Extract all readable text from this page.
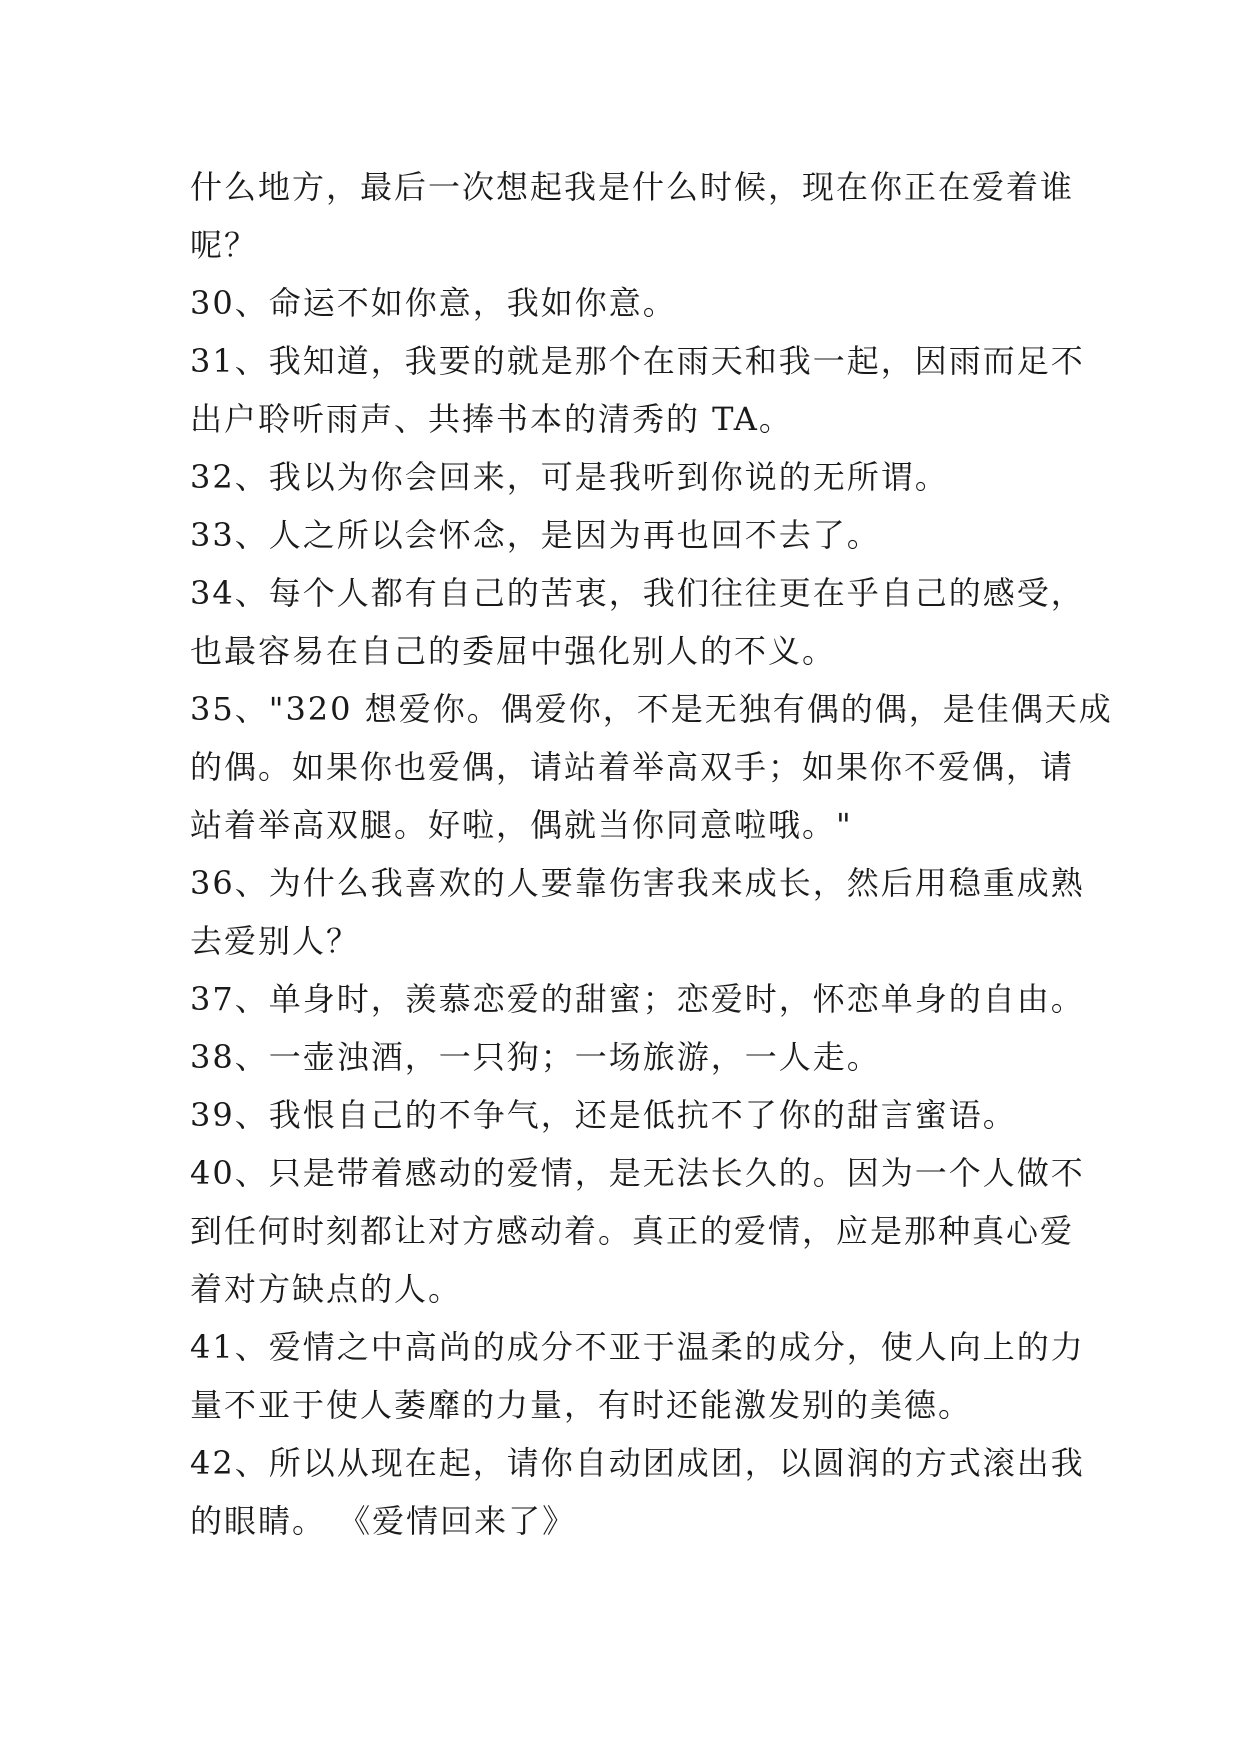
什么地方，最后一次想起我是什么时候，现在你正在爱着谁
呢？
30、命运不如你意，我如你意。
31、我知道，我要的就是那个在雨天和我一起，因雨而足不
出户聆听雨声、共捧书本的清秀的 TA。
32、我以为你会回来，可是我听到你说的无所谓。
33、人之所以会怀念，是因为再也回不去了。
34、每个人都有自己的苦衷，我们往往更在乎自己的感受，
也最容易在自己的委屈中强化别人的不义。
35、"320 想爱你。偶爱你，不是无独有偶的偶，是佳偶天成
的偶。如果你也爱偶，请站着举高双手；如果你不爱偶，请
站着举高双腿。好啦，偶就当你同意啦哦。"
36、为什么我喜欢的人要靠伤害我来成长，然后用稳重成熟
去爱别人？
37、单身时，羡慕恋爱的甜蜜；恋爱时，怀恋单身的自由。
38、一壶浊酒，一只狗；一场旅游，一人走。
39、我恨自己的不争气，还是低抗不了你的甜言蜜语。
40、只是带着感动的爱情，是无法长久的。因为一个人做不
到任何时刻都让对方感动着。真正的爱情，应是那种真心爱
着对方缺点的人。
41、爱情之中高尚的成分不亚于温柔的成分，使人向上的力
量不亚于使人萎靡的力量，有时还能激发别的美德。
42、所以从现在起，请你自动团成团，以圆润的方式滚出我
的眼睛。 《爱情回来了》
